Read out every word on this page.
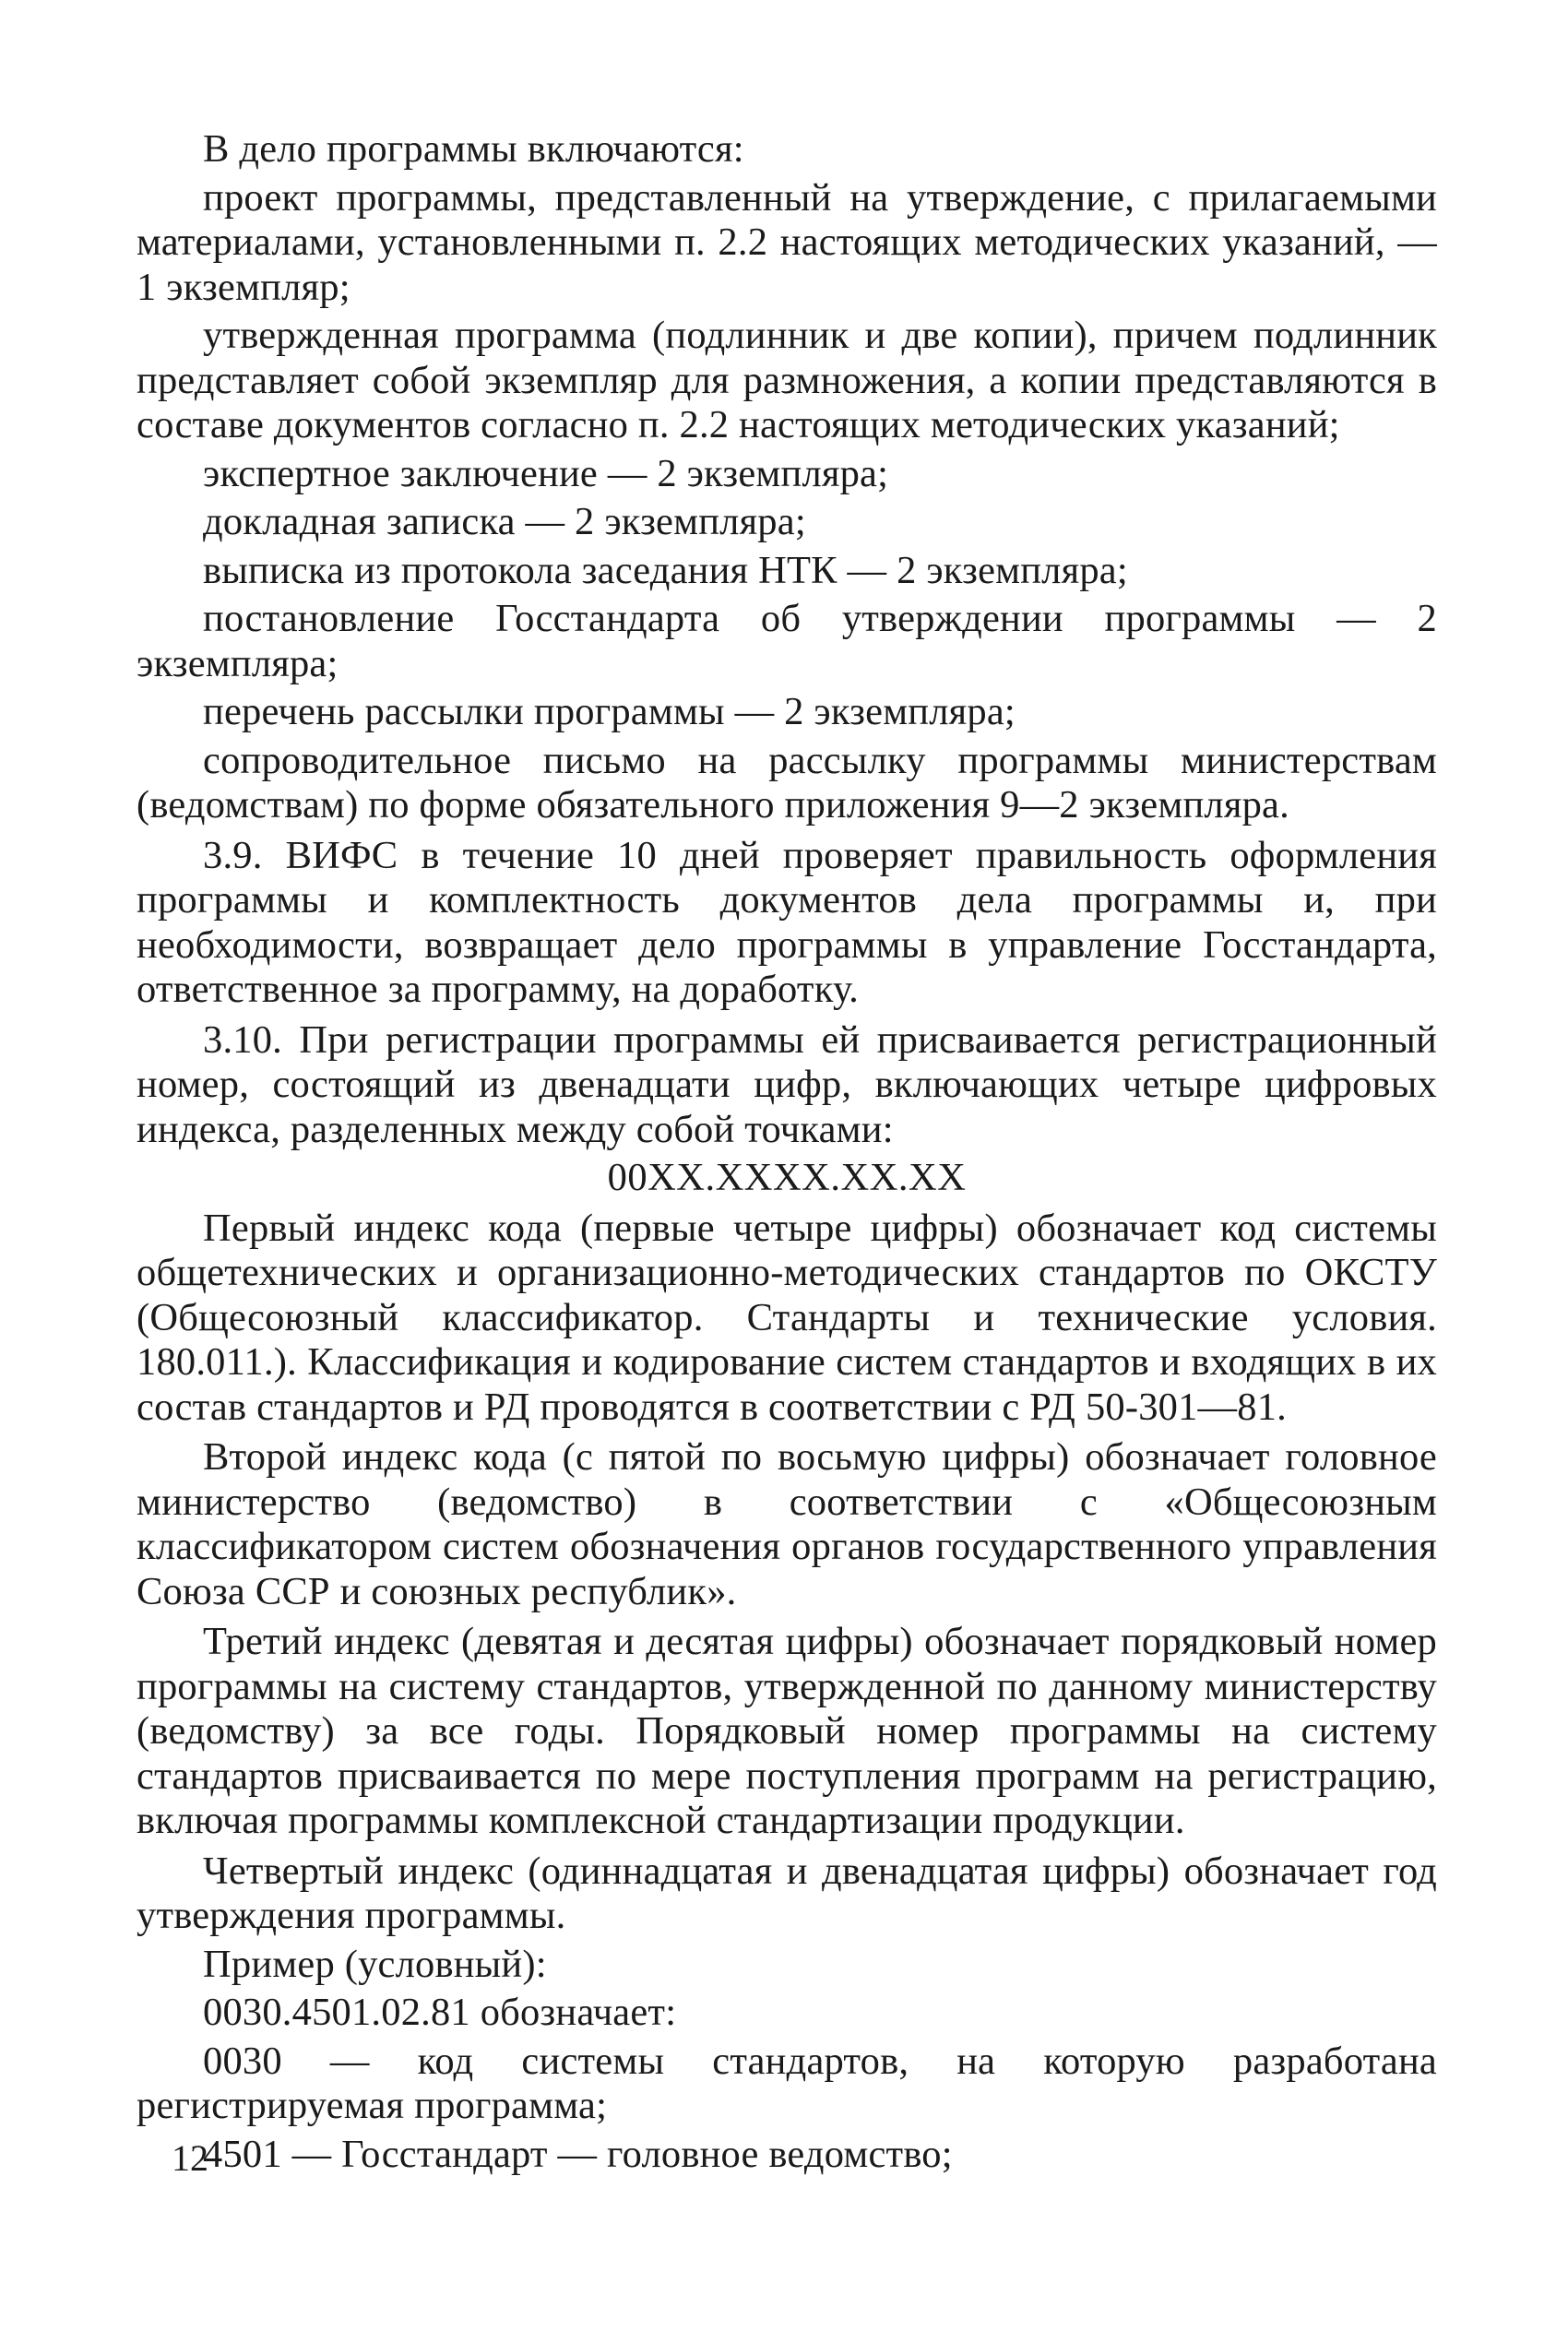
В дело программы включаются:

проект программы, представленный на утверждение, с прилагаемыми материалами, установленными п. 2.2 настоящих методических указаний, — 1 экземпляр;

утвержденная программа (подлинник и две копии), причем подлинник представляет собой экземпляр для размножения, а копии представляются в составе документов согласно п. 2.2 настоящих методических указаний;

экспертное заключение — 2 экземпляра;

докладная записка — 2 экземпляра;

выписка из протокола заседания НТК — 2 экземпляра;

постановление Госстандарта об утверждении программы — 2 экземпляра;

перечень рассылки программы — 2 экземпляра;

сопроводительное письмо на рассылку программы министерствам (ведомствам) по форме обязательного приложения 9—2 экземпляра.

3.9. ВИФС в течение 10 дней проверяет правильность оформления программы и комплектность документов дела программы и, при необходимости, возвращает дело программы в управление Госстандарта, ответственное за программу, на доработку.

3.10. При регистрации программы ей присваивается регистрационный номер, состоящий из двенадцати цифр, включающих четыре цифровых индекса, разделенных между собой точками:

00XX.XXXX.XX.XX

Первый индекс кода (первые четыре цифры) обозначает код системы общетехнических и организационно-методических стандартов по ОКСТУ (Общесоюзный классификатор. Стандарты и технические условия. 180.011.). Классификация и кодирование систем стандартов и входящих в их состав стандартов и РД проводятся в соответствии с РД 50-301—81.

Второй индекс кода (с пятой по восьмую цифры) обозначает головное министерство (ведомство) в соответствии с «Общесоюзным классификатором систем обозначения органов государственного управления Союза ССР и союзных республик».

Третий индекс (девятая и десятая цифры) обозначает порядковый номер программы на систему стандартов, утвержденной по данному министерству (ведомству) за все годы. Порядковый номер программы на систему стандартов присваивается по мере поступления программ на регистрацию, включая программы комплексной стандартизации продукции.

Четвертый индекс (одиннадцатая и двенадцатая цифры) обозначает год утверждения программы.

Пример (условный):

0030.4501.02.81 обозначает:

0030 — код системы стандартов, на которую разработана регистрируемая программа;

4501 — Госстандарт — головное ведомство;

12
